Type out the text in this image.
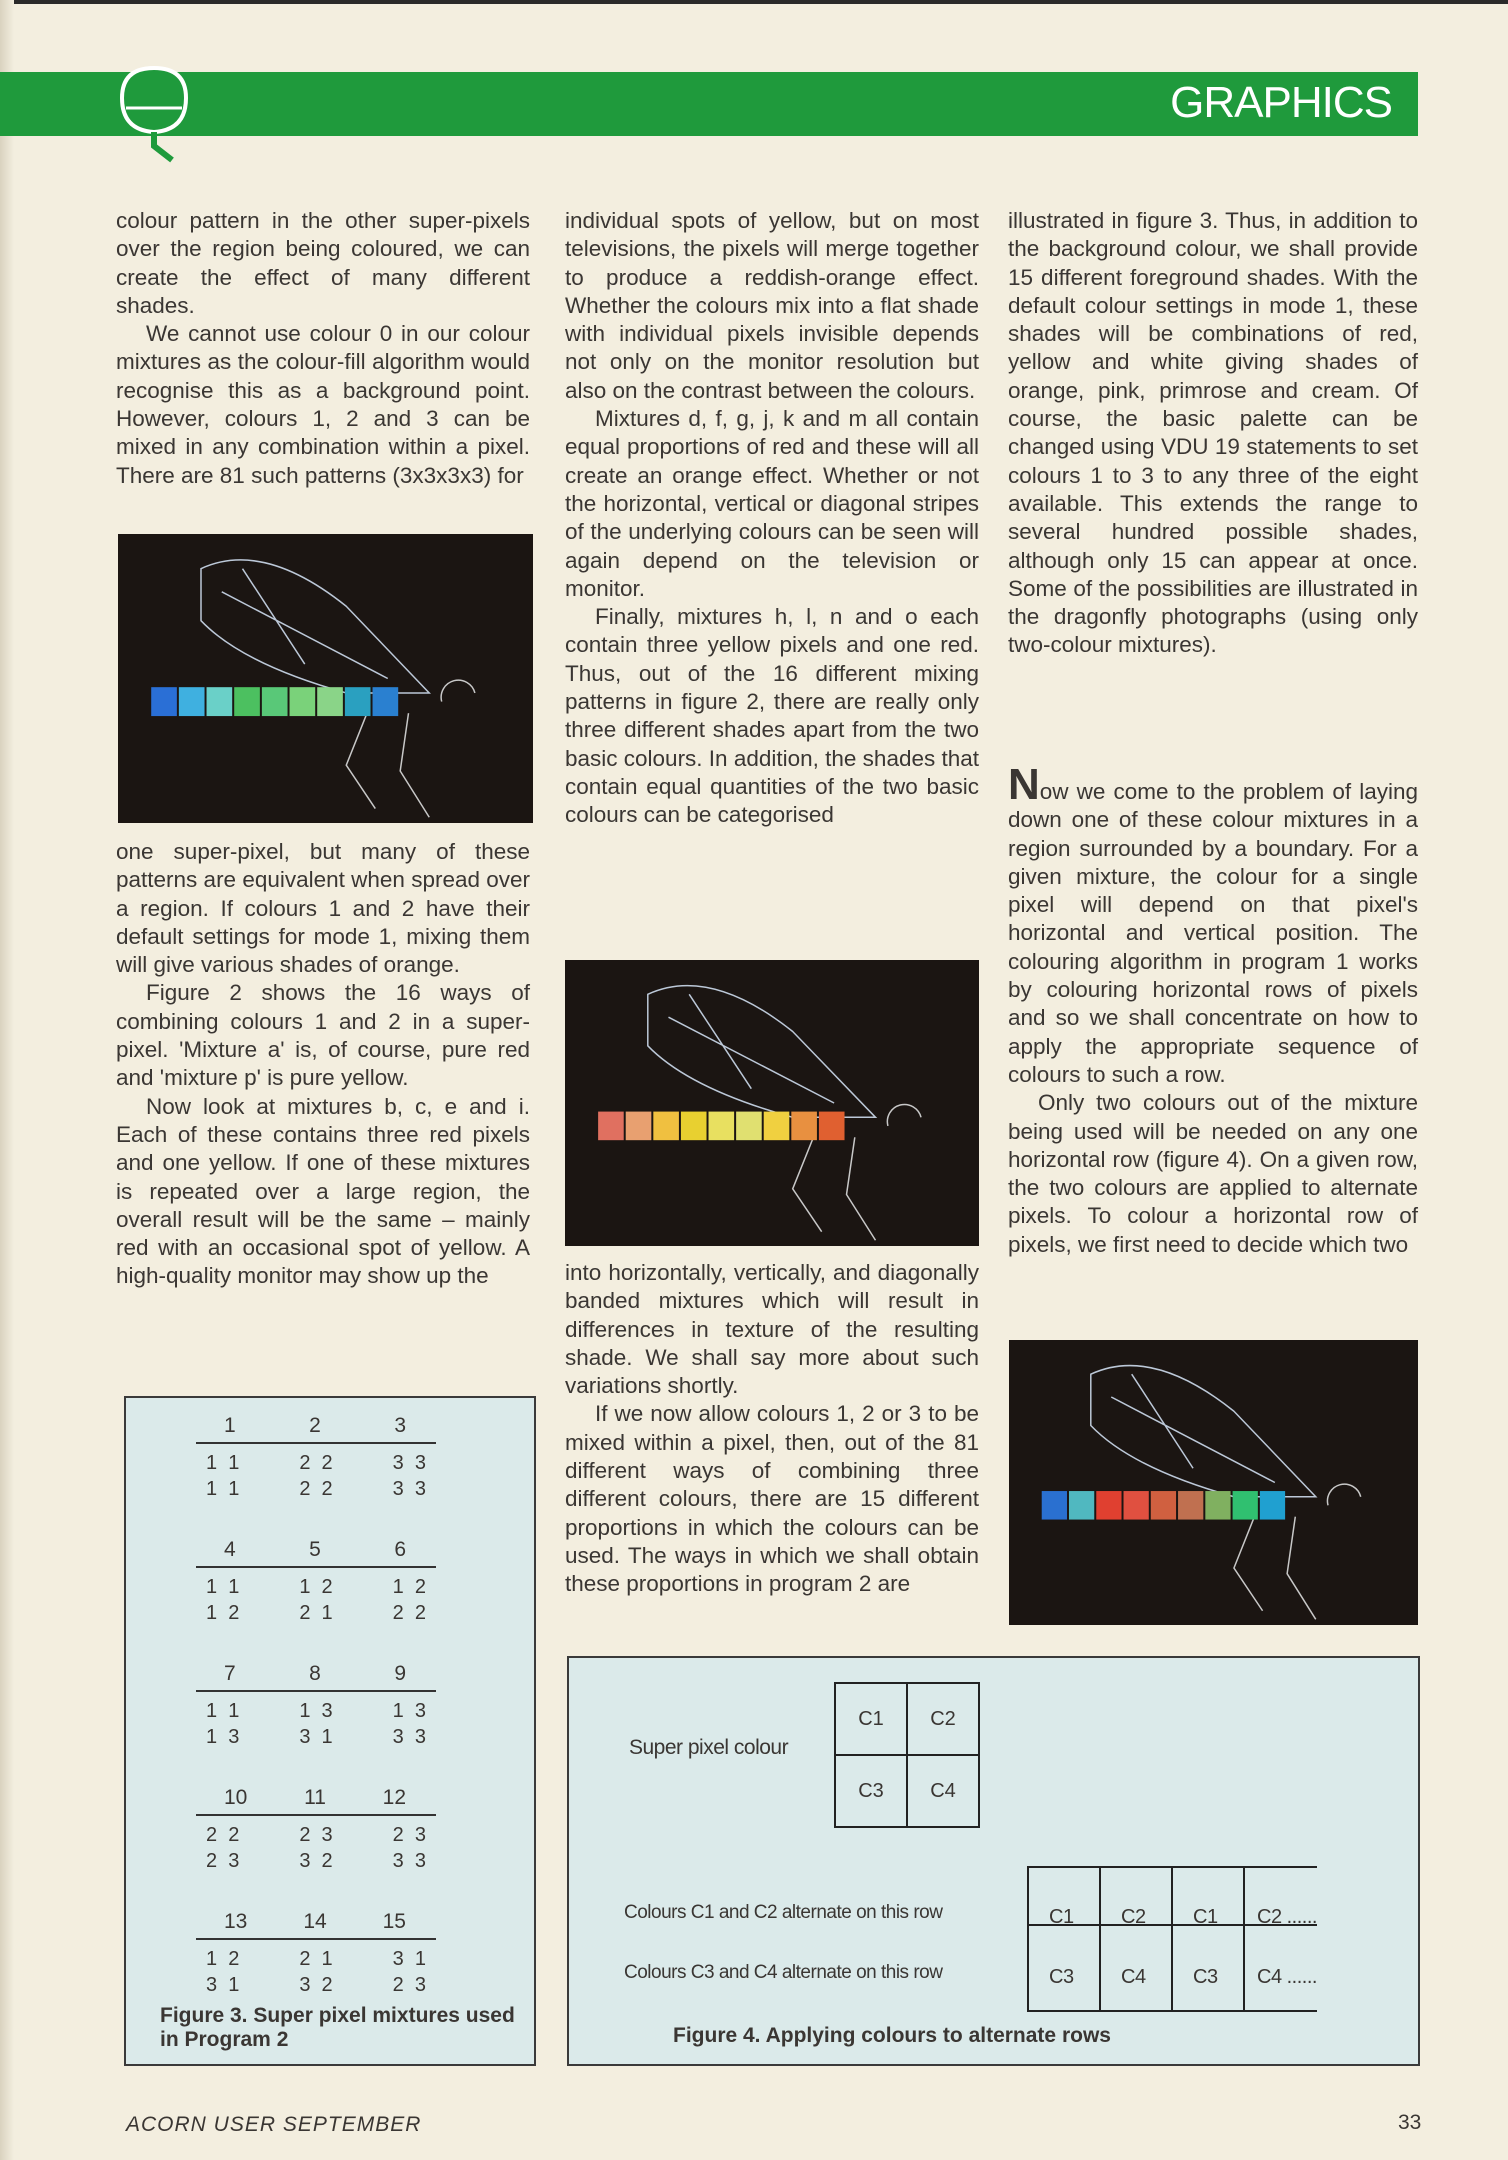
GRAPHICS

colour pattern in the other super-pixels over the region being coloured, we can create the effect of many different shades.

We cannot use colour 0 in our colour mixtures as the colour-fill algorithm would recognise this as a background point. However, colours 1, 2 and 3 can be mixed in any combination within a pixel. There are 81 such patterns (3x3x3x3) for

one super-pixel, but many of these patterns are equivalent when spread over a region. If colours 1 and 2 have their default settings for mode 1, mixing them will give various shades of orange.

Figure 2 shows the 16 ways of combining colours 1 and 2 in a super-pixel. 'Mixture a' is, of course, pure red and 'mixture p' is pure yellow.

Now look at mixtures b, c, e and i. Each of these contains three red pixels and one yellow. If one of these mixtures is repeated over a large region, the overall result will be the same – mainly red with an occasional spot of yellow. A high-quality monitor may show up the

1	2	3
1  1	2  2	3  3
1  1	2  2	3  3
4	5	6
1  1	1  2	1  2
1  2	2  1	2  2
7	8	9
1  1	1  3	1  3
1  3	3  1	3  3
10	11	12
2  2	2  3	2  3
2  3	3  2	3  3
13	14	15
1  2	2  1	3  1
3  1	3  2	2  3
Figure 3. Super pixel mixtures used in Program 2

individual spots of yellow, but on most televisions, the pixels will merge together to produce a reddish-orange effect. Whether the colours mix into a flat shade with individual pixels invisible depends not only on the monitor resolution but also on the contrast between the colours.

Mixtures d, f, g, j, k and m all contain equal proportions of red and these will all create an orange effect. Whether or not the horizontal, vertical or diagonal stripes of the underlying colours can be seen will again depend on the television or monitor.

Finally, mixtures h, l, n and o each contain three yellow pixels and one red. Thus, out of the 16 different mixing patterns in figure 2, there are really only three different shades apart from the two basic colours. In addition, the shades that contain equal quantities of the two basic colours can be categorised

into horizontally, vertically, and diagonally banded mixtures which will result in differences in texture of the resulting shade. We shall say more about such variations shortly.

If we now allow colours 1, 2 or 3 to be mixed within a pixel, then, out of the 81 different ways of combining three different colours, there are 15 different proportions in which the colours can be used. The ways in which we shall obtain these proportions in program 2 are

illustrated in figure 3. Thus, in addition to the background colour, we shall provide 15 different foreground shades. With the default colour settings in mode 1, these shades will be combinations of red, yellow and white giving shades of orange, pink, primrose and cream. Of course, the basic palette can be changed using VDU 19 statements to set colours 1 to 3 to any three of the eight available. This extends the range to several hundred possible shades, although only 15 can appear at once. Some of the possibilities are illustrated in the dragonfly photographs (using only two-colour mixtures).

Now we come to the problem of laying down one of these colour mixtures in a region surrounded by a boundary. For a given mixture, the colour for a single pixel will depend on that pixel's horizontal and vertical position. The colouring algorithm in program 1 works by colouring horizontal rows of pixels and so we shall concentrate on how to apply the appropriate sequence of colours to such a row.

Only two colours out of the mixture being used will be needed on any one horizontal row (figure 4). On a given row, the two colours are applied to alternate pixels. To colour a horizontal row of pixels, we first need to decide which two

Super pixel colour
C1	C2
C3	C4
Colours C1 and C2 alternate on this row
Colours C3 and C4 alternate on this row
C1 C2 C1 C2 ......
C3 C4 C3 C4 ......
Figure 4. Applying colours to alternate rows
ACORN USER SEPTEMBER	33
